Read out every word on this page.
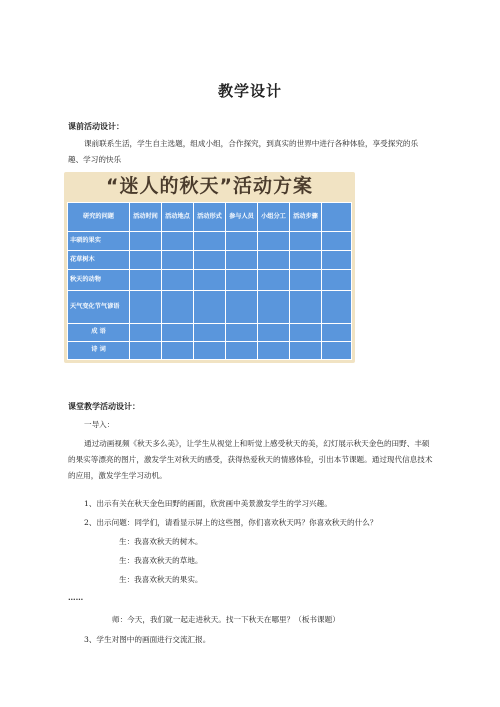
教学设计
课前活动设计：
课前联系生活，学生自主选题，组成小组，合作探究，到真实的世界中进行各种体验，享受探究的乐趣、学习的快乐
“迷人的秋天”活动方案
研究的问题	活动时间	活动地点	活动形式	参与人员	小组分工	活动步骤	
丰硕的果实							
花草树木							
秋天的动物							
天气变化节气谚语							
成 语							
诗 词							
课堂教学活动设计：
一导入：
通过动画视频《秋天多么美》，让学生从视觉上和听觉上感受秋天的美，幻灯展示秋天金色的田野、丰硕的果实等漂亮的图片，激发学生对秋天的感受，获得热爱秋天的情感体验，引出本节课题。通过现代信息技术的应用，激发学生学习动机。
1、出示有关在秋天金色田野的画面，欣赏画中美景激发学生的学习兴趣。
2、出示问题：同学们，请看显示屏上的这些图，你们喜欢秋天吗？你喜欢秋天的什么？
生：我喜欢秋天的树木。
生：我喜欢秋天的草地。
生：我喜欢秋天的果实。
……
师：今天，我们就一起走进秋天。找一下秋天在哪里？（板书课题）
3、学生对图中的画面进行交流汇报。
